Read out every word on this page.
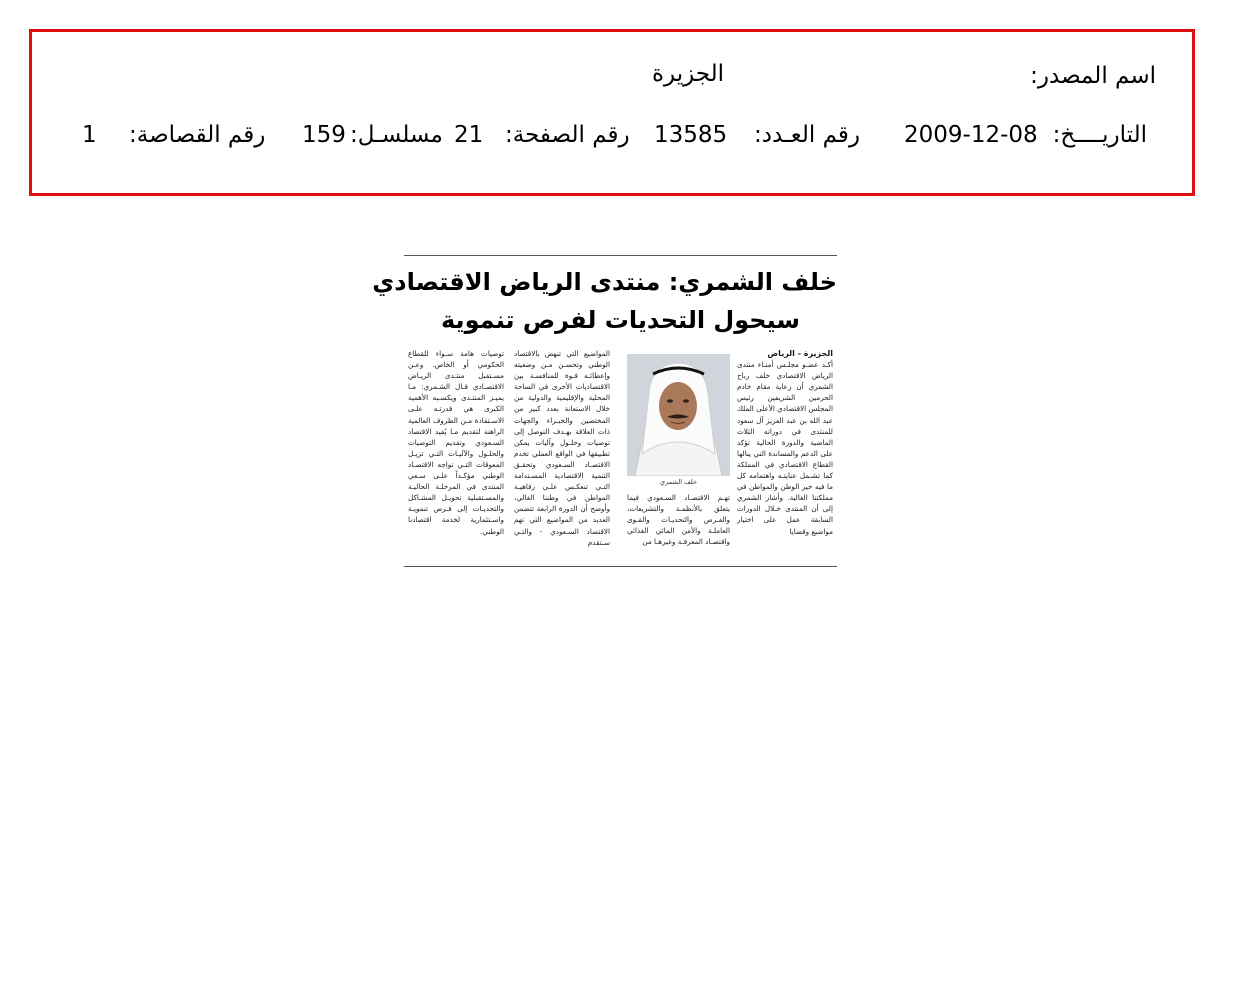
اسم المصدر:
الجزيرة
التاريــــخ:
2009-12-08
رقم العـدد:
13585
رقم الصفحة:
21
مسلسـل:
159
رقم القصاصة:
1
خلف الشمري: منتدى الرياض الاقتصادي
سيحول التحديات لفرص تنموية
الجزيرة - الرياض
أكـد عضـو مجلـس أمنـاء منتدى الرياض الاقتصادي خلف رباح الشمري أن رعاية مقام خادم الحرمين الشريفين رئيس المجلس الاقتصادي الأعلى الملك عبد الله بن عبد العزيز آل سعود للمنتدى في دوراته الثلاث الماضية والدورة الحالية تؤكد على الدعم والمساندة التي ينالها القطاع الاقتصادي في المملكة كما تشـمل عنايتـه واهتمامه كل ما فيه خير الوطن والمواطن في مملكتنا الغالية. وأشار الشمري إلى أن المنتدى خـلال الدورات السابقة عمل على اختيار مواضيع وقضايا
خلف الشمري
تهـم الاقتصـاد السـعودي فيما يتعلق بالأنظمـة والتشريعات، والفـرص والتحديـات والقـوى العاملـة والأمن المائي الغذائي واقتصـاد المعرفـة وغيرهـا من
المواضيع التي تنهض بالاقتصاد الوطني وتحسـن مـن وضعيته وإعطائـه قـوة للمنافسـة بين الاقتصاديات الأخرى في الساحة المحلية والإقليمية والدولية من خلال الاستعانة بعدد كبير من المختصين والخبـراء والجهات ذات العلاقة بهـدف التوصل إلى توصيات وحلـول وآليات يمكن تطبيقها في الواقع العملي تخدم الاقتصـاد السـعودي وتحقـق التنمية الاقتصادية المسـتدامة التـي تنعكـس علـى رفاهيـة المواطن في وطننا الغالي، وأوضح أن الدورة الرابعة تتضمن العديد من المواضيع التي تهم الاقتصاد السـعودي - والتـي سـتقدم
توصيات هامة سـواء للقطاع الحكومي أو الخاص. وعـن مسـتقبل منتـدى الريـاض الاقتصـادي قـال الشـمري: مـا يميـز المنتـدى ويكسـبه الأهمية الكبرى هي قدرتـه علـى الاسـتفادة مـن الظروف العالمية الراهنة لتقديم مـا يُفيد الاقتصاد السـعودي وتقديم التوصيات والحلـول والآليـات التـي تزيـل المعوقات التـي تواجه الاقتصـاد الوطني مؤكـداً علـى سـعي المنتدى في المرحلـة الحاليـة والمسـتقبلية تحويـل المشـاكل والتحديـات إلى فـرص تنمويـة واسـتثمارية لخدمة اقتصادنا الوطني.
